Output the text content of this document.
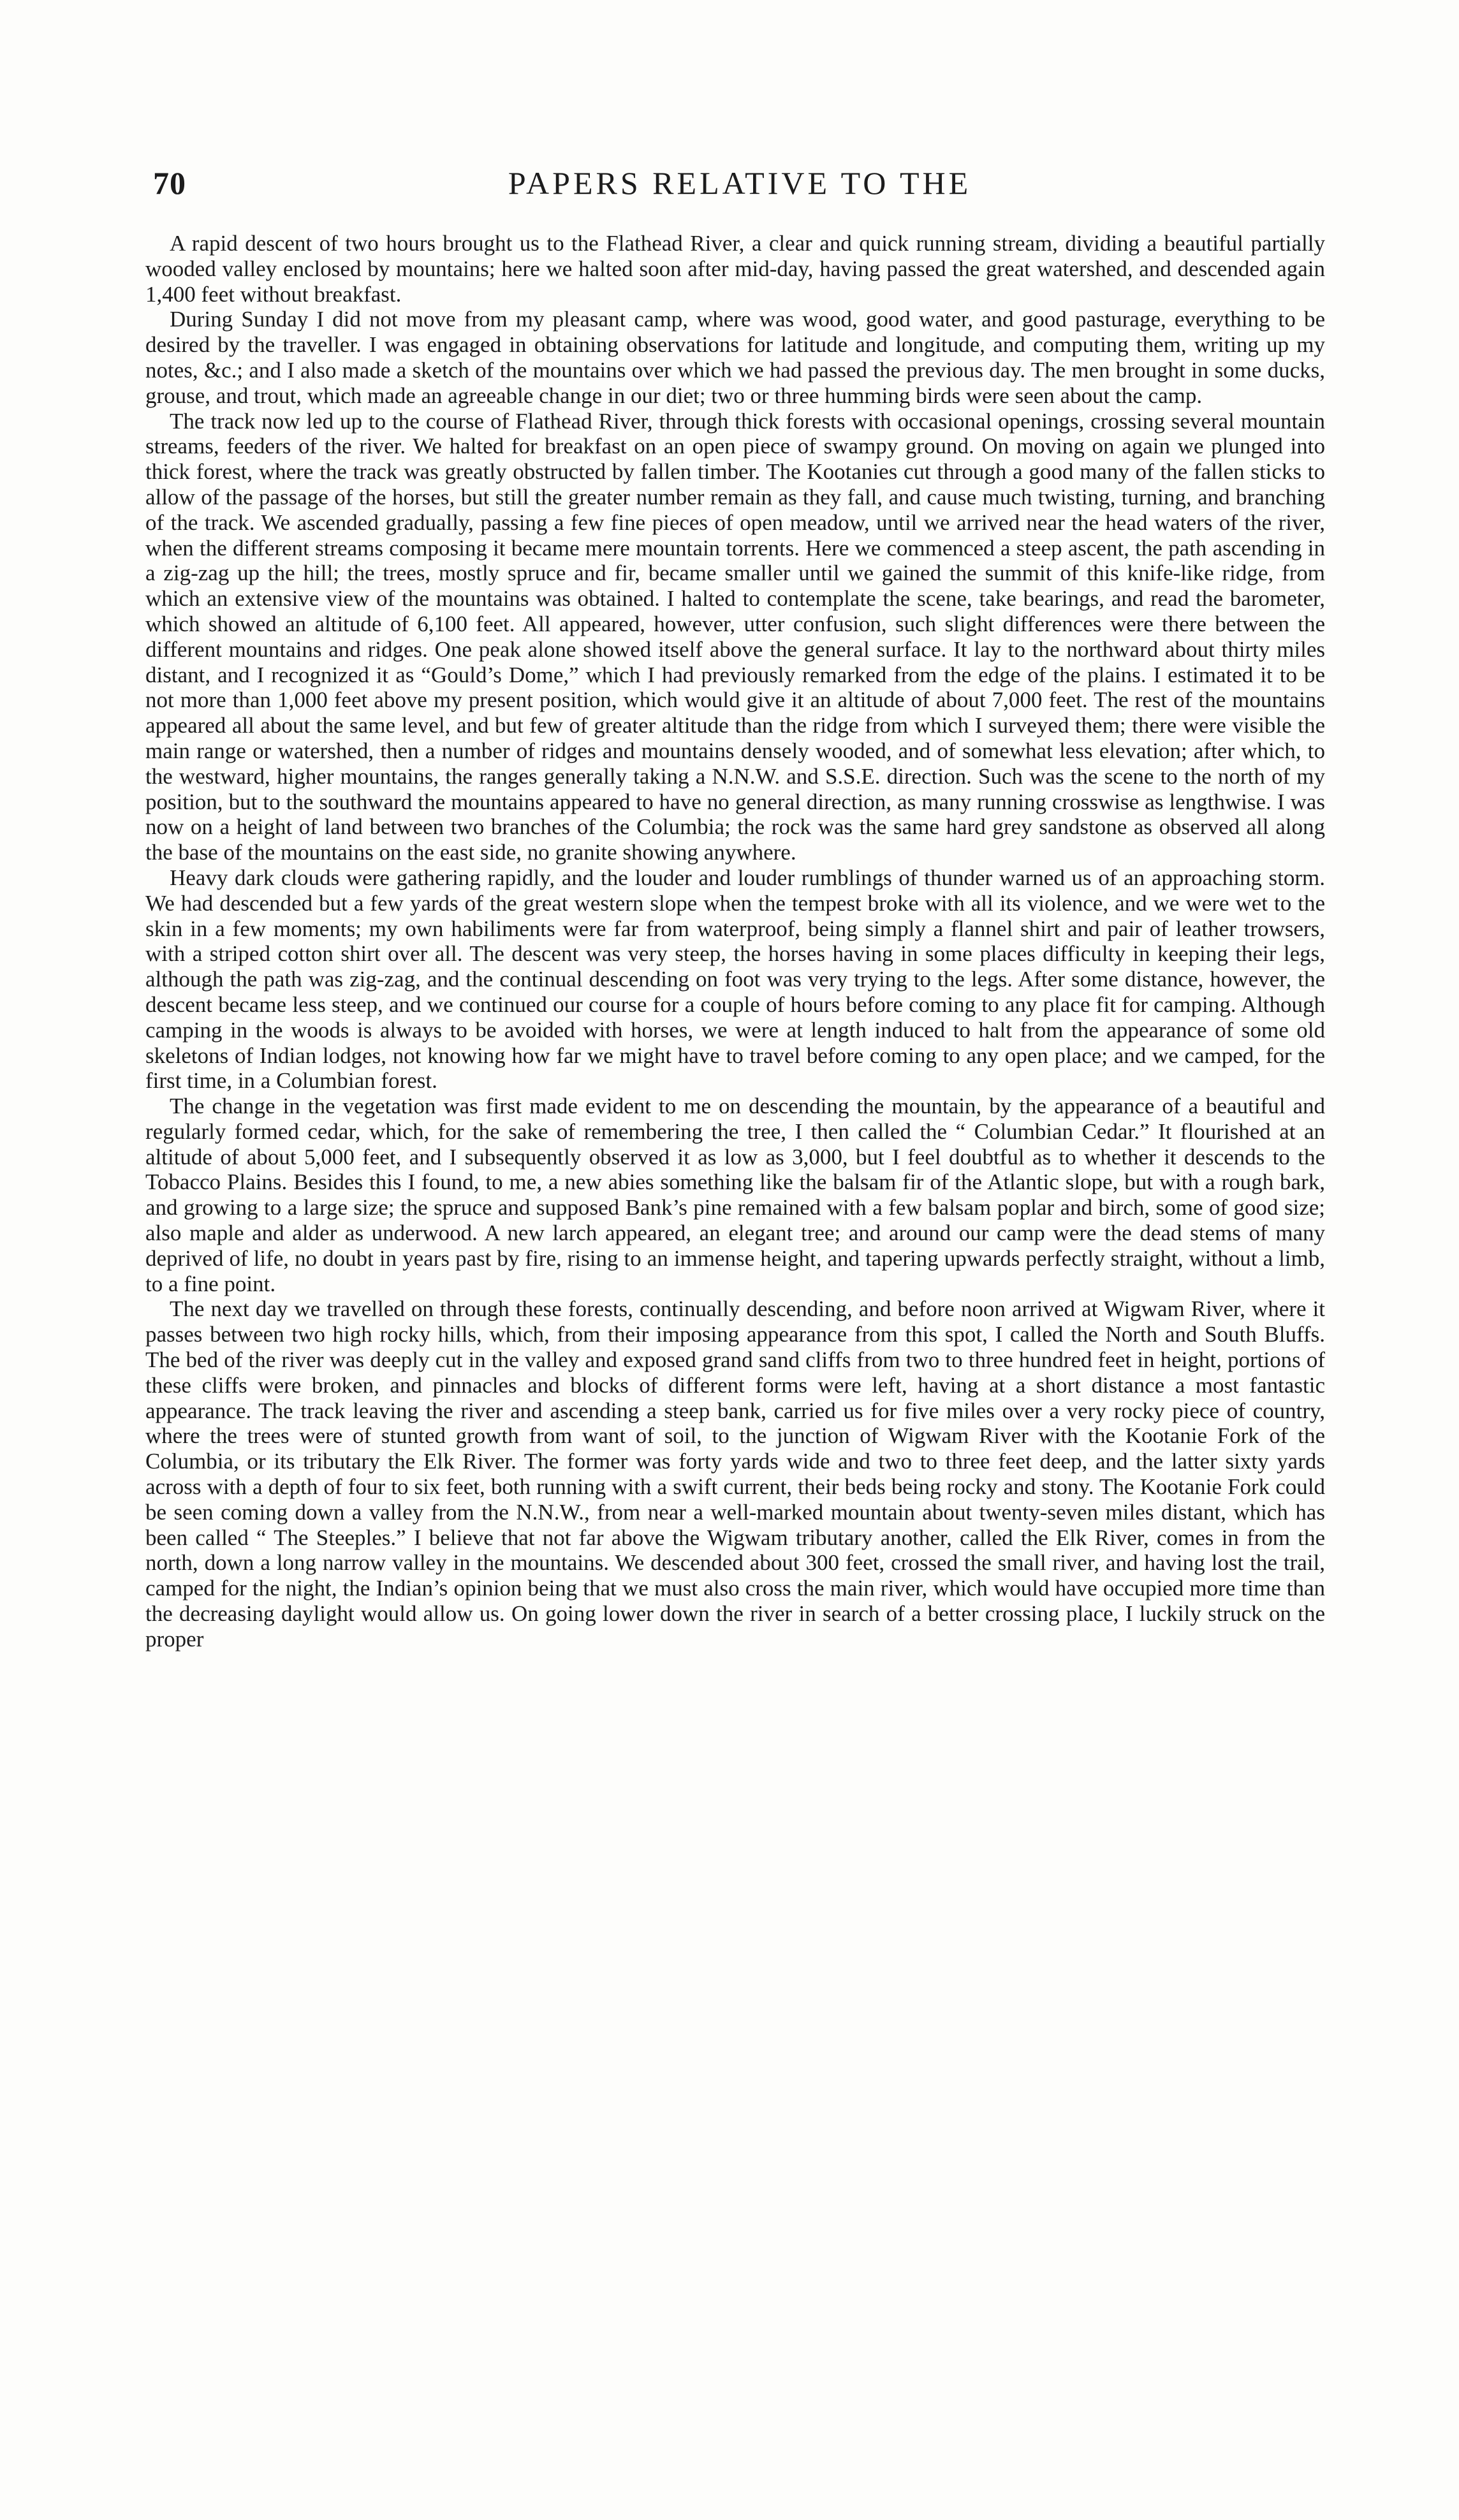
70	PAPERS RELATIVE TO THE

A rapid descent of two hours brought us to the Flathead River, a clear and quick running stream, dividing a beautiful partially wooded valley enclosed by mountains; here we halted soon after mid-day, having passed the great watershed, and descended again 1,400 feet without breakfast.

During Sunday I did not move from my pleasant camp, where was wood, good water, and good pasturage, everything to be desired by the traveller. I was engaged in obtaining observations for latitude and longitude, and computing them, writing up my notes, &c.; and I also made a sketch of the mountains over which we had passed the previous day. The men brought in some ducks, grouse, and trout, which made an agreeable change in our diet; two or three humming birds were seen about the camp.

The track now led up to the course of Flathead River, through thick forests with occasional openings, crossing several mountain streams, feeders of the river. We halted for breakfast on an open piece of swampy ground. On moving on again we plunged into thick forest, where the track was greatly obstructed by fallen timber. The Kootanies cut through a good many of the fallen sticks to allow of the passage of the horses, but still the greater number remain as they fall, and cause much twisting, turning, and branching of the track. We ascended gradually, passing a few fine pieces of open meadow, until we arrived near the head waters of the river, when the different streams composing it became mere mountain torrents. Here we commenced a steep ascent, the path ascending in a zig-zag up the hill; the trees, mostly spruce and fir, became smaller until we gained the summit of this knife-like ridge, from which an extensive view of the mountains was obtained. I halted to contemplate the scene, take bearings, and read the barometer, which showed an altitude of 6,100 feet. All appeared, however, utter confusion, such slight differences were there between the different mountains and ridges. One peak alone showed itself above the general surface. It lay to the northward about thirty miles distant, and I recognized it as “Gould’s Dome,” which I had previously remarked from the edge of the plains. I estimated it to be not more than 1,000 feet above my present position, which would give it an altitude of about 7,000 feet. The rest of the mountains appeared all about the same level, and but few of greater altitude than the ridge from which I surveyed them; there were visible the main range or watershed, then a number of ridges and mountains densely wooded, and of somewhat less elevation; after which, to the westward, higher mountains, the ranges generally taking a N.N.W. and S.S.E. direction. Such was the scene to the north of my position, but to the southward the mountains appeared to have no general direction, as many running crosswise as lengthwise. I was now on a height of land between two branches of the Columbia; the rock was the same hard grey sandstone as observed all along the base of the mountains on the east side, no granite showing anywhere.

Heavy dark clouds were gathering rapidly, and the louder and louder rumblings of thunder warned us of an approaching storm. We had descended but a few yards of the great western slope when the tempest broke with all its violence, and we were wet to the skin in a few moments; my own habiliments were far from waterproof, being simply a flannel shirt and pair of leather trowsers, with a striped cotton shirt over all. The descent was very steep, the horses having in some places difficulty in keeping their legs, although the path was zig-zag, and the continual descending on foot was very trying to the legs. After some distance, however, the descent became less steep, and we continued our course for a couple of hours before coming to any place fit for camping. Although camping in the woods is always to be avoided with horses, we were at length induced to halt from the appearance of some old skeletons of Indian lodges, not knowing how far we might have to travel before coming to any open place; and we camped, for the first time, in a Columbian forest.

The change in the vegetation was first made evident to me on descending the mountain, by the appearance of a beautiful and regularly formed cedar, which, for the sake of remembering the tree, I then called the “ Columbian Cedar.” It flourished at an altitude of about 5,000 feet, and I subsequently observed it as low as 3,000, but I feel doubtful as to whether it descends to the Tobacco Plains. Besides this I found, to me, a new abies something like the balsam fir of the Atlantic slope, but with a rough bark, and growing to a large size; the spruce and supposed Bank’s pine remained with a few balsam poplar and birch, some of good size; also maple and alder as underwood. A new larch appeared, an elegant tree; and around our camp were the dead stems of many deprived of life, no doubt in years past by fire, rising to an immense height, and tapering upwards perfectly straight, without a limb, to a fine point.

The next day we travelled on through these forests, continually descending, and before noon arrived at Wigwam River, where it passes between two high rocky hills, which, from their imposing appearance from this spot, I called the North and South Bluffs. The bed of the river was deeply cut in the valley and exposed grand sand cliffs from two to three hundred feet in height, portions of these cliffs were broken, and pinnacles and blocks of different forms were left, having at a short distance a most fantastic appearance. The track leaving the river and ascending a steep bank, carried us for five miles over a very rocky piece of country, where the trees were of stunted growth from want of soil, to the junction of Wigwam River with the Kootanie Fork of the Columbia, or its tributary the Elk River. The former was forty yards wide and two to three feet deep, and the latter sixty yards across with a depth of four to six feet, both running with a swift current, their beds being rocky and stony. The Kootanie Fork could be seen coming down a valley from the N.N.W., from near a well-marked mountain about twenty-seven miles distant, which has been called “ The Steeples.” I believe that not far above the Wigwam tributary another, called the Elk River, comes in from the north, down a long narrow valley in the mountains. We descended about 300 feet, crossed the small river, and having lost the trail, camped for the night, the Indian’s opinion being that we must also cross the main river, which would have occupied more time than the decreasing daylight would allow us. On going lower down the river in search of a better crossing place, I luckily struck on the proper
